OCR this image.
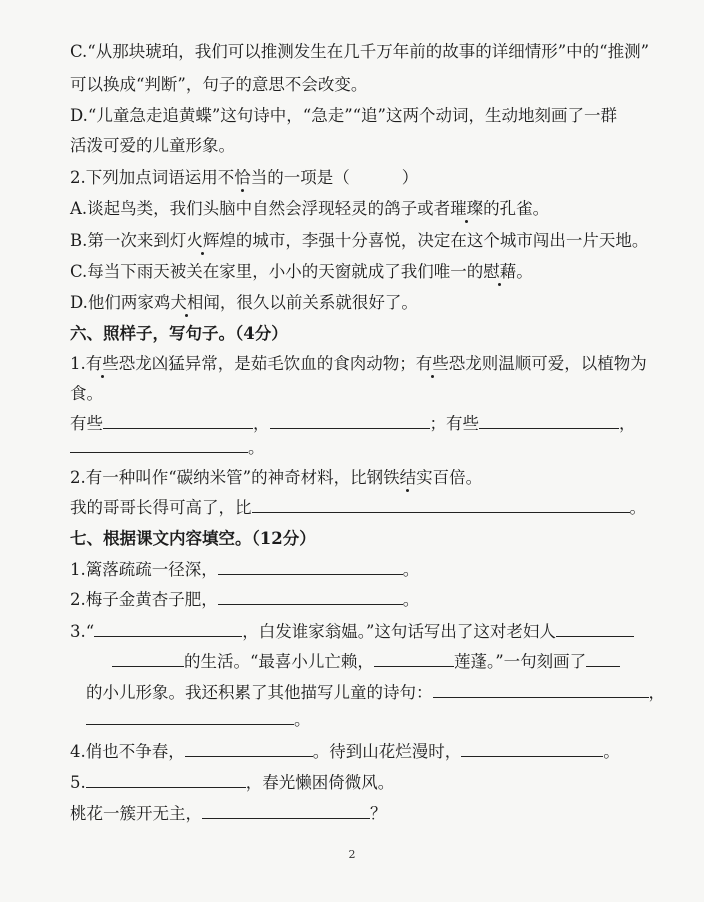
C.“从那块琥珀，我们可以推测发生在几千万年前的故事的详细情形”中的“推测”
可以换成“判断”，句子的意思不会改变。
D.“儿童急走追黄蝶”这句诗中，“急走”“追”这两个动词，生动地刻画了一群
活泼可爱的儿童形象。
2.下列加点词语运用不恰当的一项是（	）
A.谈起鸟类，我们头脑中自然会浮现轻灵的鸽子或者璀璨的孔雀。
B.第一次来到灯火辉煌的城市，李强十分喜悦，决定在这个城市闯出一片天地。
C.每当下雨天被关在家里，小小的天窗就成了我们唯一的慰藉。
D.他们两家鸡犬相闻，很久以前关系就很好了。
六、照样子，写句子。（4分）
1.有些恐龙凶猛异常，是茹毛饮血的食肉动物；有些恐龙则温顺可爱，以植物为
食。
有些	，	；有些	，
。
2.有一种叫作“碳纳米管”的神奇材料，比钢铁结实百倍。
我的哥哥长得可高了，比	。
七、根据课文内容填空。（12分）
1.篱落疏疏一径深，	。
2.梅子金黄杏子肥，	。
3.“	，白发谁家翁媪。”这句话写出了这对老妇人
的生活。“最喜小儿亡赖，	莲蓬。”一句刻画了
的小儿形象。我还积累了其他描写儿童的诗句：	，
。
4.俏也不争春，	。待到山花烂漫时，	。
5.	，春光懒困倚微风。
桃花一簇开无主，	？
2
